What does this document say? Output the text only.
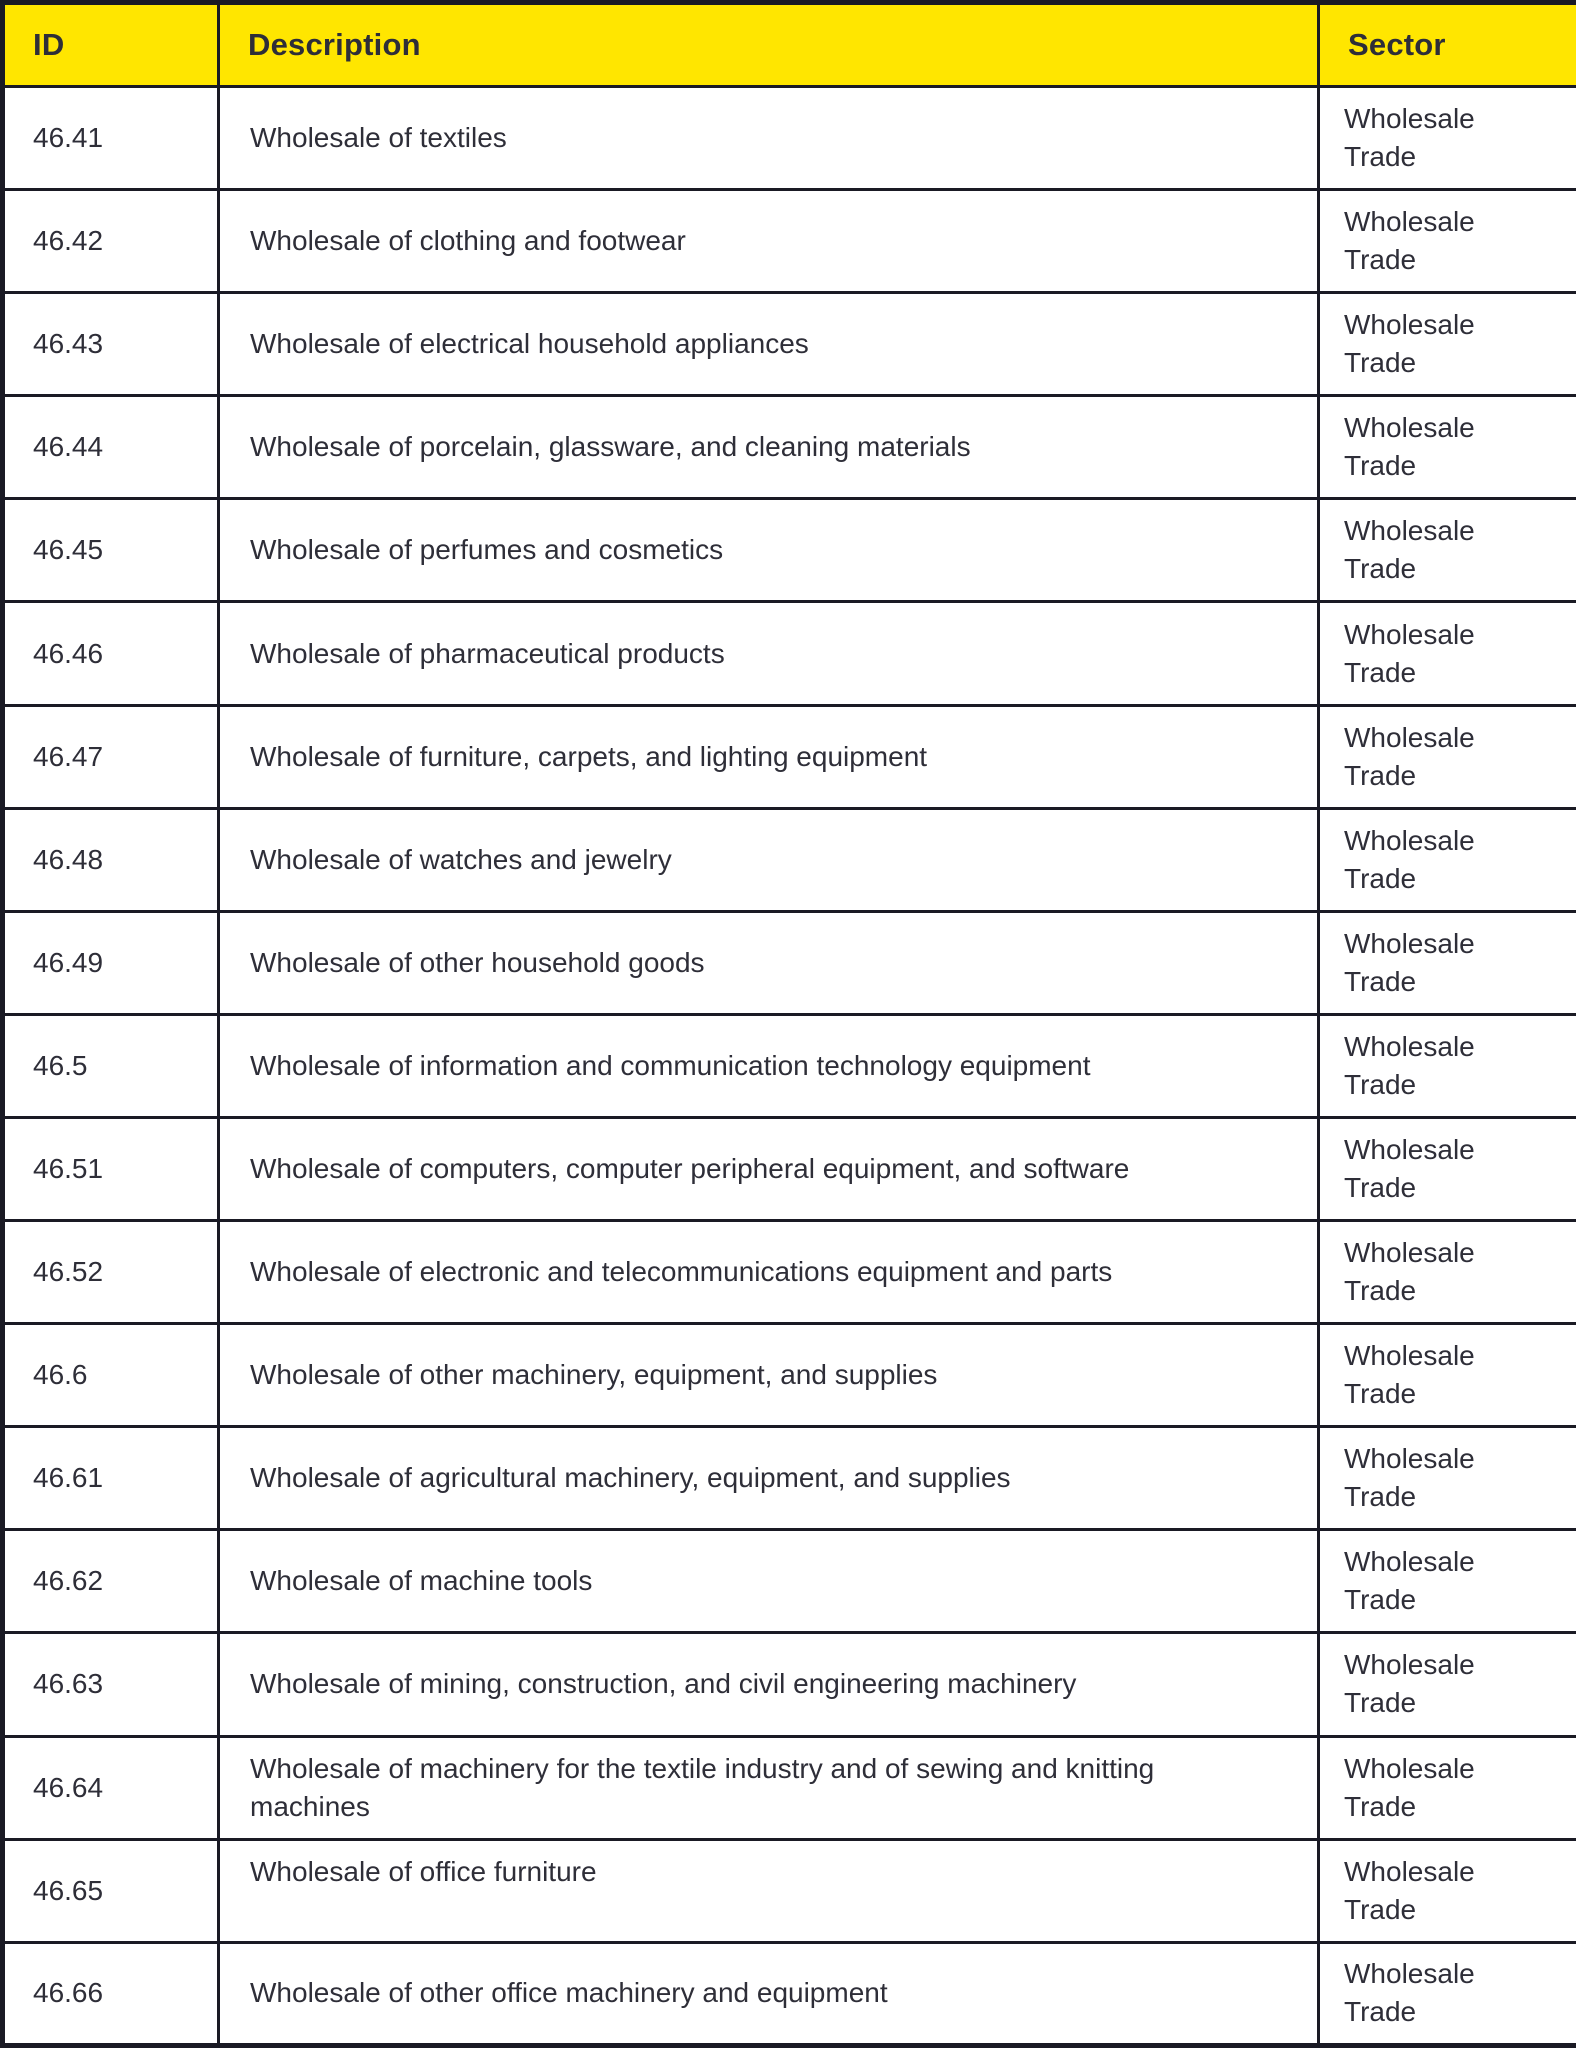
ID	Description	Sector
46.41	Wholesale of textiles	Wholesale Trade
46.42	Wholesale of clothing and footwear	Wholesale Trade
46.43	Wholesale of electrical household appliances	Wholesale Trade
46.44	Wholesale of porcelain, glassware, and cleaning materials	Wholesale Trade
46.45	Wholesale of perfumes and cosmetics	Wholesale Trade
46.46	Wholesale of pharmaceutical products	Wholesale Trade
46.47	Wholesale of furniture, carpets, and lighting equipment	Wholesale Trade
46.48	Wholesale of watches and jewelry	Wholesale Trade
46.49	Wholesale of other household goods	Wholesale Trade
46.5	Wholesale of information and communication technology equipment	Wholesale Trade
46.51	Wholesale of computers, computer peripheral equipment, and software	Wholesale Trade
46.52	Wholesale of electronic and telecommunications equipment and parts	Wholesale Trade
46.6	Wholesale of other machinery, equipment, and supplies	Wholesale Trade
46.61	Wholesale of agricultural machinery, equipment, and supplies	Wholesale Trade
46.62	Wholesale of machine tools	Wholesale Trade
46.63	Wholesale of mining, construction, and civil engineering machinery	Wholesale Trade
46.64	Wholesale of machinery for the textile industry and of sewing and knitting machines	Wholesale Trade
46.65	Wholesale of office furniture	Wholesale Trade
46.66	Wholesale of other office machinery and equipment	Wholesale Trade
